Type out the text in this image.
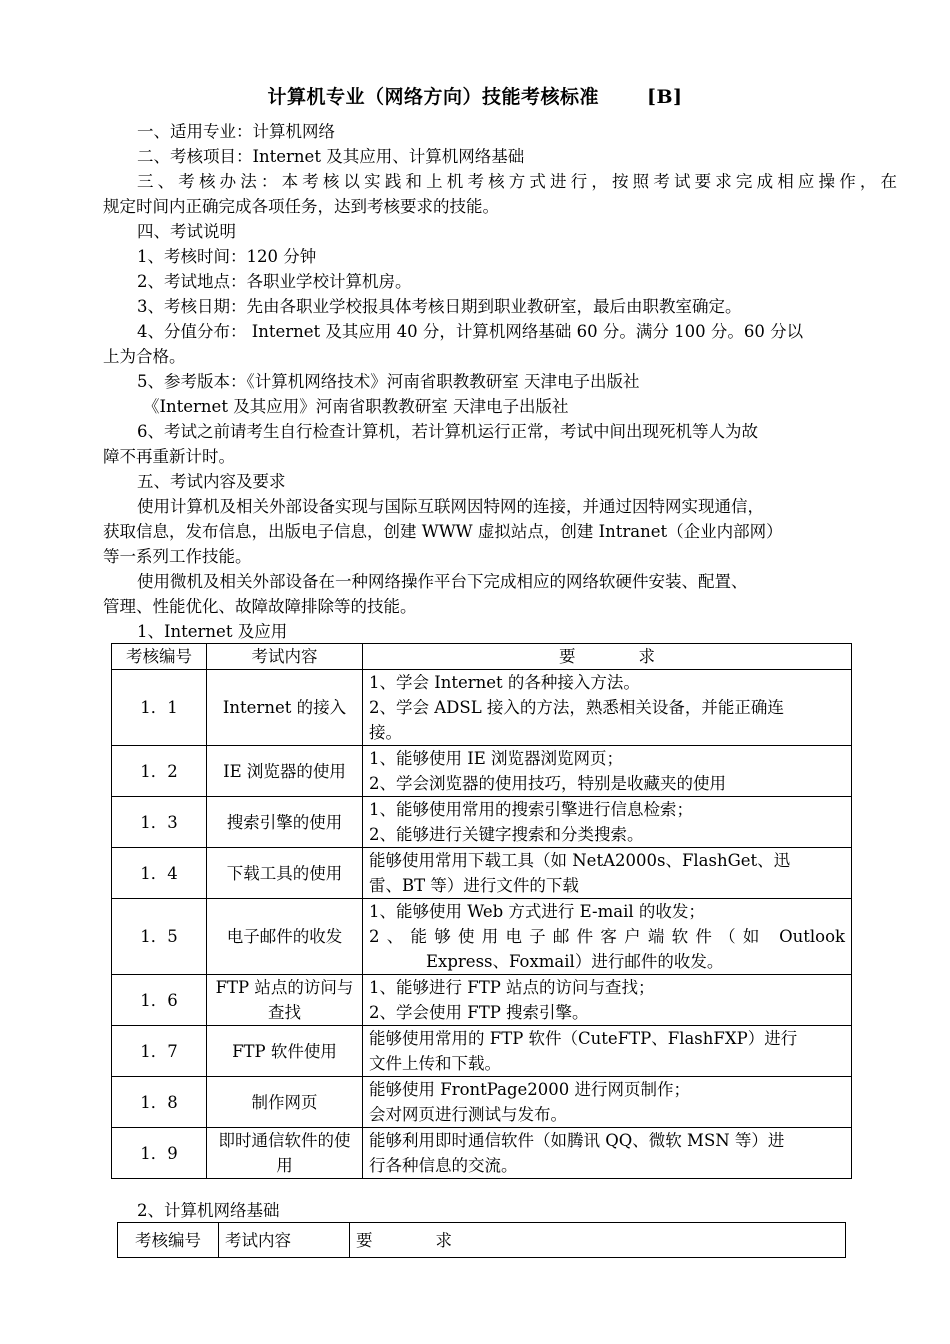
计算机专业（网络方向）技能考核标准	[B]
一、适用专业：计算机网络
二、考核项目：Internet 及其应用、计算机网络基础
三、考核办法：本考核以实践和上机考核方式进行，按照考试要求完成相应操作，在
规定时间内正确完成各项任务，达到考核要求的技能。
四、考试说明
1、考核时间：120 分钟
2、考试地点：各职业学校计算机房。
3、考核日期：先由各职业学校报具体考核日期到职业教研室，最后由职教室确定。
4、分值分布： Internet 及其应用 40 分，计算机网络基础 60 分。满分 100 分。60 分以
上为合格。
5、参考版本：《计算机网络技术》河南省职教教研室 天津电子出版社
《Internet 及其应用》河南省职教教研室 天津电子出版社
6、考试之前请考生自行检查计算机，若计算机运行正常，考试中间出现死机等人为故
障不再重新计时。
五、考试内容及要求
使用计算机及相关外部设备实现与国际互联网因特网的连接，并通过因特网实现通信，
获取信息，发布信息，出版电子信息，创建 WWW 虚拟站点，创建 Intranet（企业内部网）
等一系列工作技能。
使用微机及相关外部设备在一种网络操作平台下完成相应的网络软硬件安装、配置、
管理、性能优化、故障故障排除等的技能。
1、Internet 及应用
考核编号	考试内容	要            求
1．1	Internet 的接入	1、学会 Internet 的各种接入方法。
2、学会 ADSL 接入的方法，熟悉相关设备，并能正确连
接。

1．2	IE 浏览器的使用	1、能够使用 IE 浏览器浏览网页；
2、学会浏览器的使用技巧，特别是收藏夹的使用

1．3	搜索引擎的使用	1、能够使用常用的搜索引擎进行信息检索；
2、能够进行关键字搜索和分类搜索。

1．4	下载工具的使用	能够使用常用下载工具（如 NetA2000s、FlashGet、迅
雷、BT 等）进行文件的下载

1．5	电子邮件的收发	1、能够使用 Web 方式进行 E-mail 的收发；
2、能够使用电子邮件客户端软件（如 Outlook
Express、Foxmail）进行邮件的收发。

1．6	FTP 站点的访问与查找	1、能够进行 FTP 站点的访问与查找；
2、学会使用 FTP 搜索引擎。

1．7	FTP 软件使用	能够使用常用的 FTP 软件（CuteFTP、FlashFXP）进行
文件上传和下载。

1．8	制作网页	能够使用 FrontPage2000 进行网页制作；
会对网页进行测试与发布。

1．9	即时通信软件的使用	能够利用即时通信软件（如腾讯 QQ、微软 MSN 等）进
行各种信息的交流。
2、计算机网络基础
考核编号	考试内容	要            求
